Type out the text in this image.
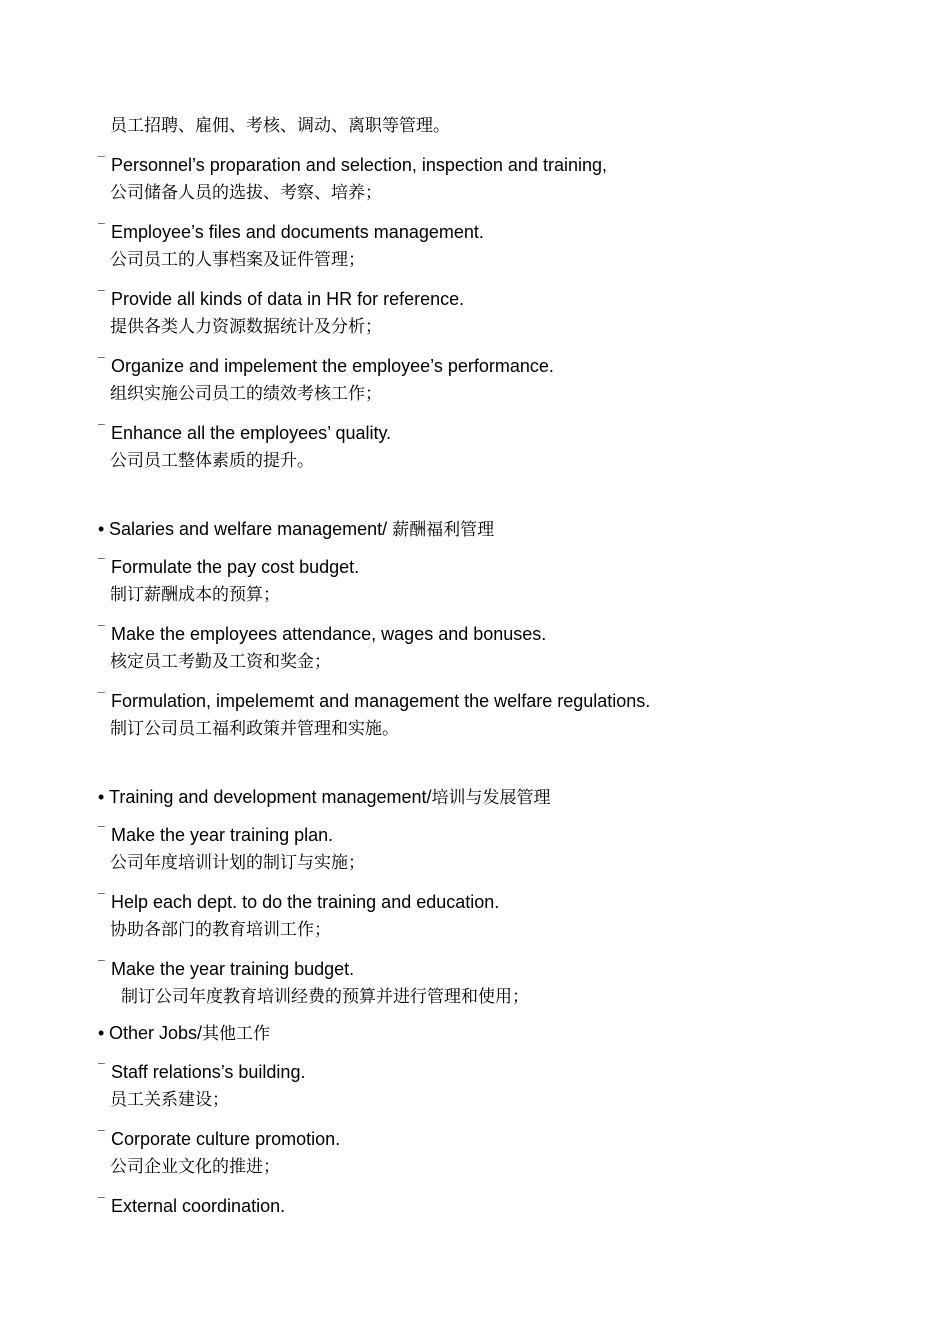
员工招聘、雇佣、考核、调动、离职等管理。
¯ Personnel’s proparation and selection, inspection and training,
公司储备人员的选拔、考察、培养；
¯ Employee’s files and documents management.
公司员工的人事档案及证件管理；
¯ Provide all kinds of data in HR for reference.
提供各类人力资源数据统计及分析；
¯ Organize and impelement the employee’s performance.
组织实施公司员工的绩效考核工作；
¯ Enhance all the employees’ quality.
公司员工整体素质的提升。
• Salaries and welfare management/ 薪酬福利管理
¯ Formulate the pay cost budget.
制订薪酬成本的预算；
¯ Make the employees attendance, wages and bonuses.
核定员工考勤及工资和奖金；
¯ Formulation, impelememt and management the welfare regulations.
制订公司员工福利政策并管理和实施。
• Training and development management/培训与发展管理
¯ Make the year training plan.
公司年度培训计划的制订与实施；
¯ Help each dept. to do the training and education.
协助各部门的教育培训工作；
¯ Make the year training budget.
制订公司年度教育培训经费的预算并进行管理和使用；
• Other Jobs/其他工作
¯ Staff relations’s building.
员工关系建设；
¯ Corporate culture promotion.
公司企业文化的推进；
¯ External coordination.
